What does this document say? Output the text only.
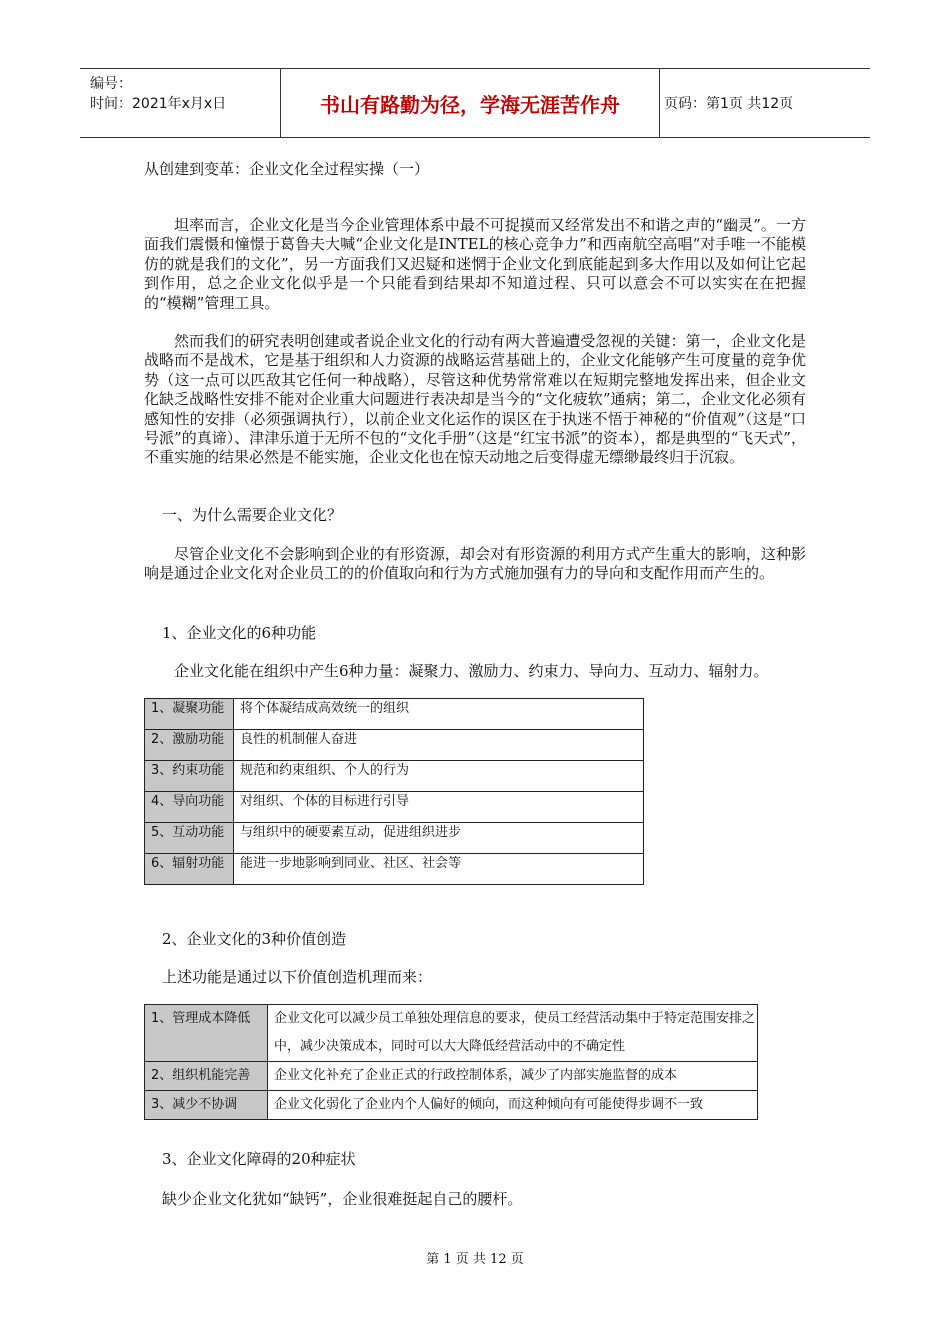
编号：
时间：2021年x月x日	书山有路勤为径，学海无涯苦作舟	页码：第1页 共12页
从创建到变革：企业文化全过程实操（一）

坦率而言，企业文化是当今企业管理体系中最不可捉摸而又经常发出不和谐之声的“幽灵”。一方面我们震慑和憧憬于葛鲁夫大喊“企业文化是INTEL的核心竞争力”和西南航空高唱“对手唯一不能模仿的就是我们的文化”，另一方面我们又迟疑和迷惘于企业文化到底能起到多大作用以及如何让它起到作用，总之企业文化似乎是一个只能看到结果却不知道过程、只可以意会不可以实实在在把握的“模糊”管理工具。

然而我们的研究表明创建或者说企业文化的行动有两大普遍遭受忽视的关键：第一，企业文化是战略而不是战术，它是基于组织和人力资源的战略运营基础上的，企业文化能够产生可度量的竞争优势（这一点可以匹敌其它任何一种战略），尽管这种优势常常难以在短期完整地发挥出来，但企业文化缺乏战略性安排不能对企业重大问题进行表决却是当今的“文化疲软”通病；第二，企业文化必须有感知性的安排（必须强调执行），以前企业文化运作的误区在于执迷不悟于神秘的“价值观”（这是“口号派”的真谛）、津津乐道于无所不包的“文化手册”（这是“红宝书派”的资本），都是典型的“飞天式”，不重实施的结果必然是不能实施，企业文化也在惊天动地之后变得虚无缥缈最终归于沉寂。

一、为什么需要企业文化？

尽管企业文化不会影响到企业的有形资源，却会对有形资源的利用方式产生重大的影响，这种影响是通过企业文化对企业员工的的价值取向和行为方式施加强有力的导向和支配作用而产生的。

1、企业文化的6种功能

企业文化能在组织中产生6种力量：凝聚力、激励力、约束力、导向力、互动力、辐射力。

1、凝聚功能	将个体凝结成高效统一的组织
2、激励功能	良性的机制催人奋进
3、约束功能	规范和约束组织、个人的行为
4、导向功能	对组织、个体的目标进行引导
5、互动功能	与组织中的硬要素互动，促进组织进步
6、辐射功能	能进一步地影响到同业、社区、社会等
2、企业文化的3种价值创造
上述功能是通过以下价值创造机理而来：
1、管理成本降低	企业文化可以减少员工单独处理信息的要求，使员工经营活动集中于特定范围安排之中，减少决策成本，同时可以大大降低经营活动中的不确定性
2、组织机能完善	企业文化补充了企业正式的行政控制体系，减少了内部实施监督的成本
3、减少不协调	企业文化弱化了企业内个人偏好的倾向，而这种倾向有可能使得步调不一致
3、企业文化障碍的20种症状
缺少企业文化犹如“缺钙”，企业很难挺起自己的腰杆。
第 1 页 共 12 页
